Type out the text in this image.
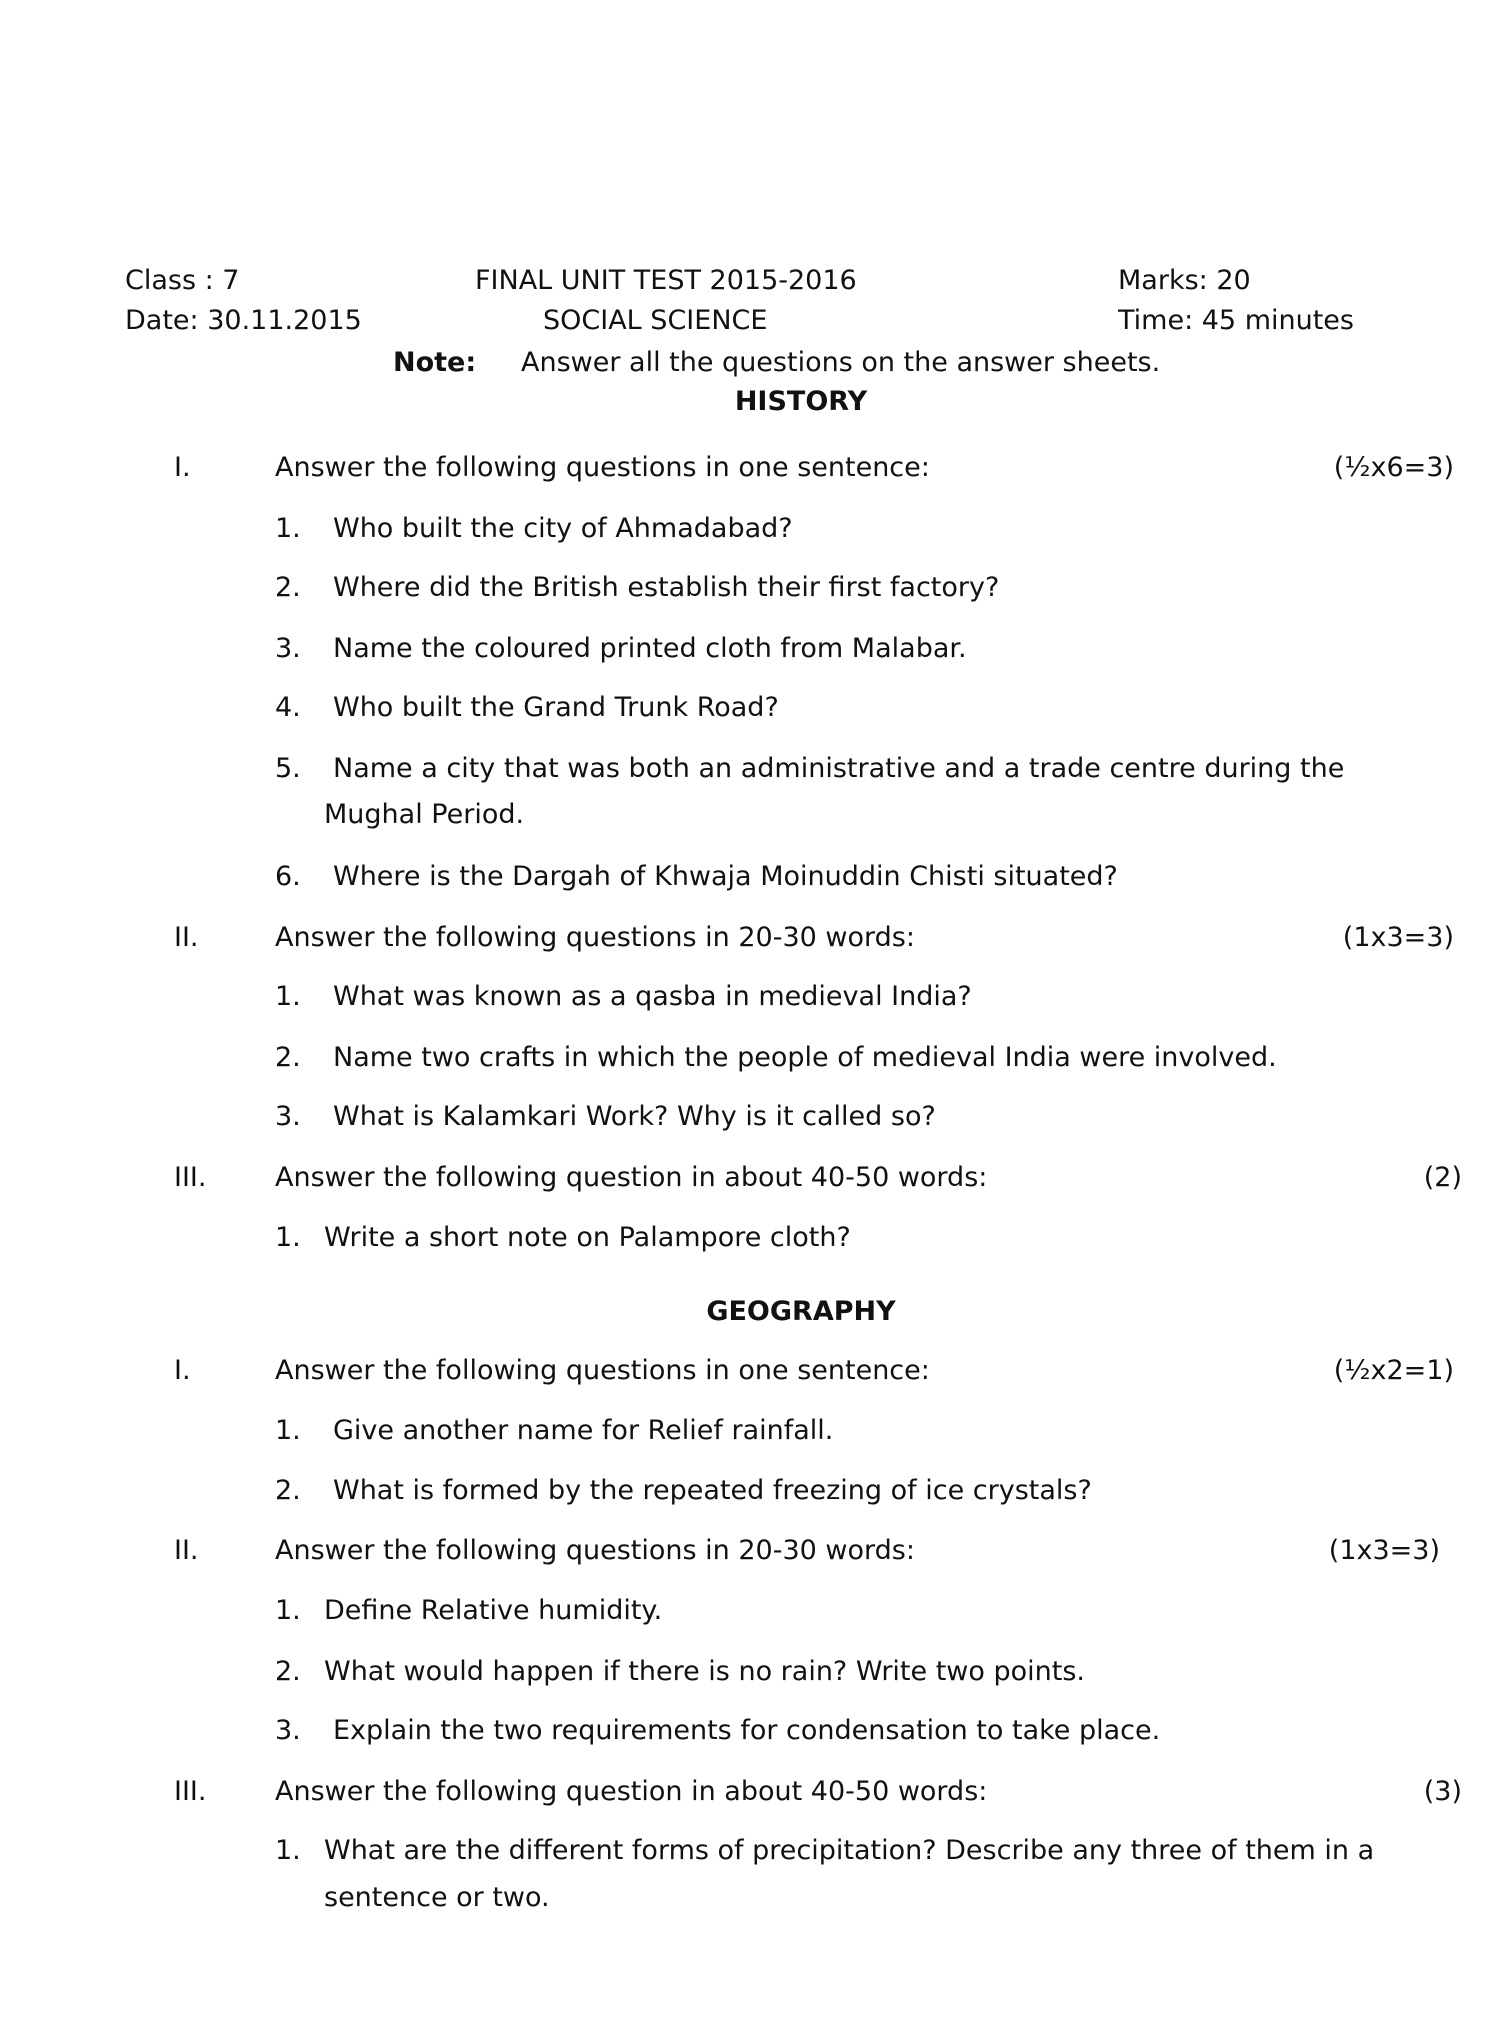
Class : 7	FINAL UNIT TEST 2015-2016	Marks: 20
Date: 30.11.2015	SOCIAL SCIENCE	Time: 45 minutes
Note: Answer all the questions on the answer sheets.
HISTORY
I.	Answer the following questions in one sentence:	(½x6=3)
1. Who built the city of Ahmadabad?
2. Where did the British establish their first factory?
3. Name the coloured printed cloth from Malabar.
4. Who built the Grand Trunk Road?
5. Name a city that was both an administrative and a trade centre during the
Mughal Period.
6. Where is the Dargah of Khwaja Moinuddin Chisti situated?
II.	Answer the following questions in 20-30 words:	(1x3=3)
1. What was known as a qasba in medieval India?
2. Name two crafts in which the people of medieval India were involved.
3. What is Kalamkari Work? Why is it called so?
III.	Answer the following question in about 40-50 words:	(2)
1. Write a short note on Palampore cloth?
GEOGRAPHY
I.	Answer the following questions in one sentence:	(½x2=1)
1. Give another name for Relief rainfall.
2. What is formed by the repeated freezing of ice crystals?
II.	Answer the following questions in 20-30 words:	(1x3=3)
1. Define Relative humidity.
2. What would happen if there is no rain? Write two points.
3. Explain the two requirements for condensation to take place.
III.	Answer the following question in about 40-50 words:	(3)
1. What are the different forms of precipitation? Describe any three of them in a
sentence or two.
